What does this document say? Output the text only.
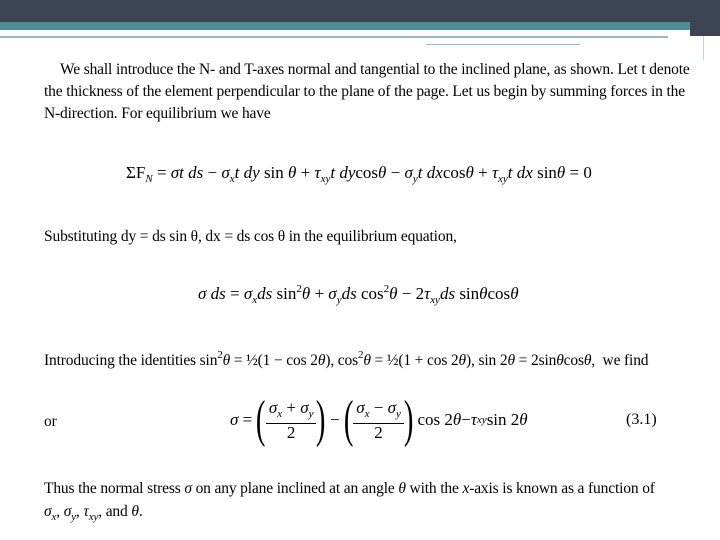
We shall introduce the N- and T-axes normal and tangential to the inclined plane, as shown. Let t denote
the thickness of the element perpendicular to the plane of the page. Let us begin by summing forces in the
N-direction. For equilibrium we have
$\Sigma F_N = \sigma t$ ds − $\sigma_xt$ dy $\sin \theta + \tau_{xy}t$ $dycos\theta - \sigma_yt$ $dxcos\theta + \tau_{xy}t$ dx sinθ = 0
Substituting dy = ds sin θ, dx = ds cos θ in the equilibrium equation,
σ ds = $\sigma_xds$ $\sin^2\theta + \sigma_yds$ $\cos^2\theta - 2\tau_{xy}ds$ sinθcosθ
Introducing the identities $\sin^2\theta$ = ½(1 − cos 2θ), $\cos^2\theta$ = ½(1 + cos 2θ), sin 2θ = 2sinθcosθ,  we find
or	σ = ( $\frac{\sigma_x + \sigma_y}{2}$ ) − ( $\frac{\sigma_x - \sigma_y}{2}$ ) cos 2 θ − τ xy sin 2 θ	(3.1)
Thus the normal stress σ on any plane inclined at an angle θ with the x-axis is known as a function of
$\sigma_x$, $\sigma_y$, $\tau_{xy}$, and θ.
